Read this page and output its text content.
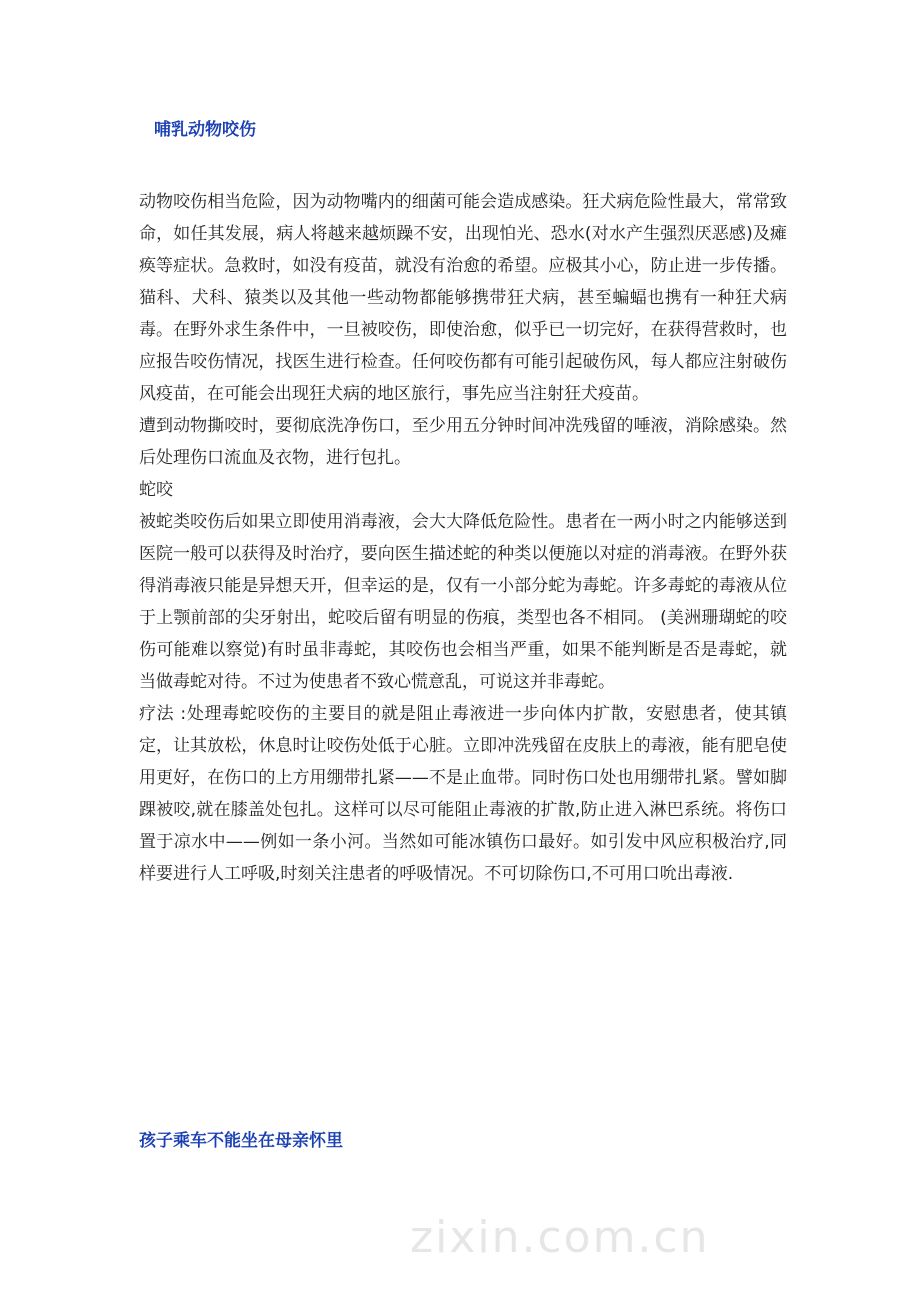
哺乳动物咬伤

动物咬伤相当危险，因为动物嘴内的细菌可能会造成感染。狂犬病危险性最大，常常致命，如任其发展，病人将越来越烦躁不安，出现怕光、恐水(对水产生强烈厌恶感)及瘫痪等症状。急救时，如没有疫苗，就没有治愈的希望。应极其小心，防止进一步传播。猫科、犬科、猿类以及其他一些动物都能够携带狂犬病，甚至蝙蝠也携有一种狂犬病毒。在野外求生条件中，一旦被咬伤，即使治愈，似乎已一切完好，在获得营救时，也应报告咬伤情况，找医生进行检查。任何咬伤都有可能引起破伤风，每人都应注射破伤风疫苗，在可能会出现狂犬病的地区旅行，事先应当注射狂犬疫苗。

遭到动物撕咬时，要彻底洗净伤口，至少用五分钟时间冲洗残留的唾液，消除感染。然后处理伤口流血及衣物，进行包扎。

蛇咬

被蛇类咬伤后如果立即使用消毒液，会大大降低危险性。患者在一两小时之内能够送到医院一般可以获得及时治疗，要向医生描述蛇的种类以便施以对症的消毒液。在野外获得消毒液只能是异想天开，但幸运的是，仅有一小部分蛇为毒蛇。许多毒蛇的毒液从位于上颚前部的尖牙射出，蛇咬后留有明显的伤痕，类型也各不相同。 (美洲珊瑚蛇的咬伤可能难以察觉)有时虽非毒蛇，其咬伤也会相当严重，如果不能判断是否是毒蛇，就当做毒蛇对待。不过为使患者不致心慌意乱，可说这并非毒蛇。

疗法 :处理毒蛇咬伤的主要目的就是阻止毒液进一步向体内扩散，安慰患者，使其镇定，让其放松，休息时让咬伤处低于心脏。立即冲洗残留在皮肤上的毒液，能有肥皂使用更好，在伤口的上方用绷带扎紧——不是止血带。同时伤口处也用绷带扎紧。譬如脚踝被咬,就在膝盖处包扎。这样可以尽可能阻止毒液的扩散,防止进入淋巴系统。将伤口置于凉水中——例如一条小河。当然如可能冰镇伤口最好。如引发中风应积极治疗,同样要进行人工呼吸,时刻关注患者的呼吸情况。不可切除伤口,不可用口吮出毒液.

孩子乘车不能坐在母亲怀里
zixin.com.cn
